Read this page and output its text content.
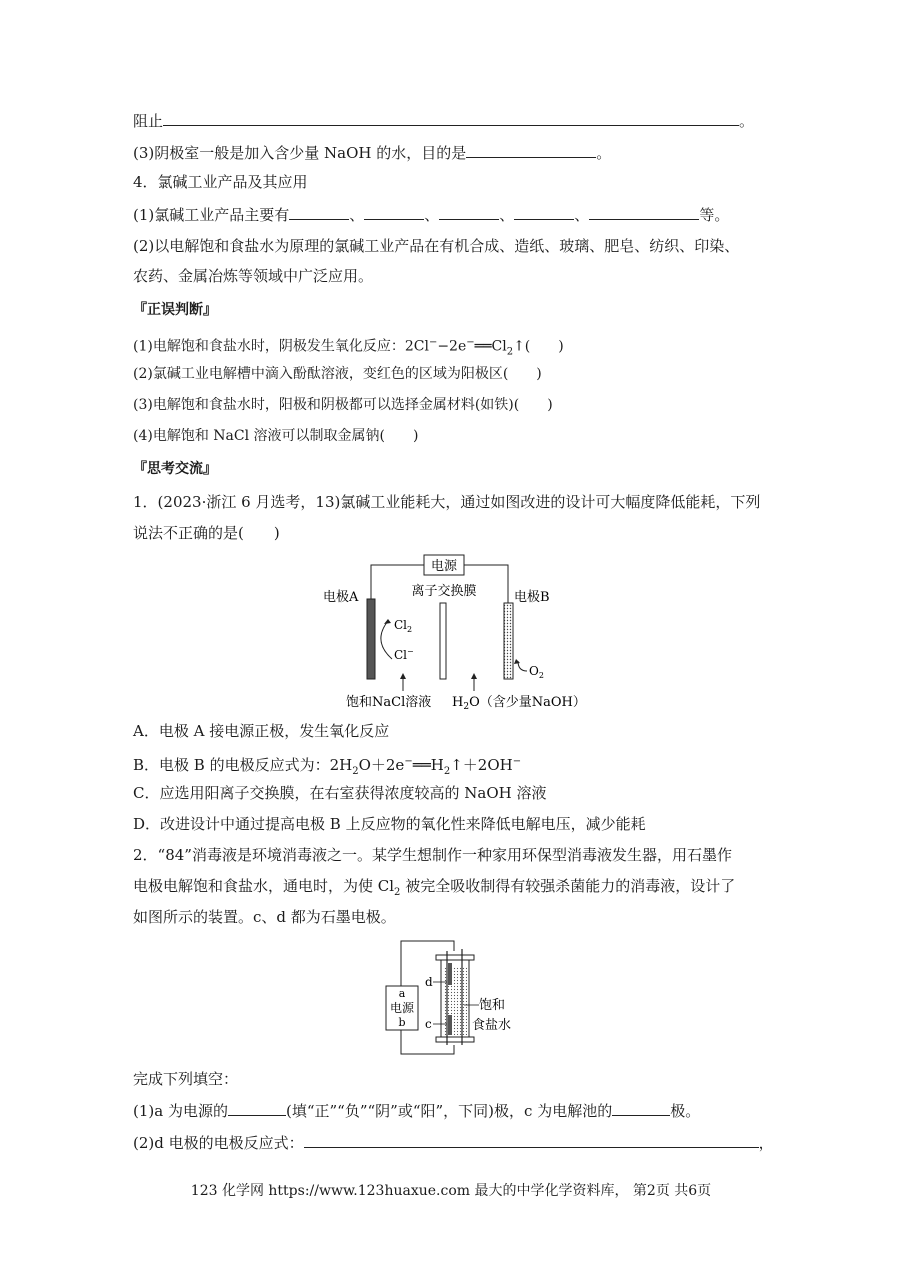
阻止	。
(3)阴极室一般是加入含少量 NaOH 的水，目的是	。
4．氯碱工业产品及其应用
(1)氯碱工业产品主要有	、	、	、	、	等。
(2)以电解饱和食盐水为原理的氯碱工业产品在有机合成、造纸、玻璃、肥皂、纺织、印染、
农药、金属冶炼等领域中广泛应用。
『正误判断』
(1)电解饱和食盐水时，阴极发生氧化反应：$2Cl^--2e^-══Cl_2↑$(　　)
(2)氯碱工业电解槽中滴入酚酞溶液，变红色的区域为阳极区(　　)
(3)电解饱和食盐水时，阳极和阴极都可以选择金属材料(如铁)(　　)
(4)电解饱和 NaCl 溶液可以制取金属钠(　　)
『思考交流』
1．(2023·浙江 6 月选考，13)氯碱工业能耗大，通过如图改进的设计可大幅度降低能耗，下列
说法不正确的是(　　)
电源
离子交换膜
电极A	电极B
$Cl_2$
Cl−
$O_2$
饱和NaCl溶液 $H_2O$（含少量NaOH）
A．电极 A 接电源正极，发生氧化反应
B．电极 B 的电极反应式为：$2H_2O+2e^-══H_2↑+2OH^-$
C．应选用阳离子交换膜，在右室获得浓度较高的 NaOH 溶液
D．改进设计中通过提高电极 B 上反应物的氧化性来降低电解电压，减少能耗
2．“84”消毒液是环境消毒液之一。某学生想制作一种家用环保型消毒液发生器，用石墨作
电极电解饱和食盐水，通电时，为使 $Cl_2$ 被完全吸收制得有较强杀菌能力的消毒液，设计了
如图所示的装置。c、d 都为石墨电极。
a
电源
b
d
c
饱和
食盐水
完成下列填空：
(1)a 为电源的	(填“正”“负”“阴”或“阳”，下同)极，c 为电解池的	极。
(2)d 电极的电极反应式：	，
123 化学网 https://www.123huaxue.com 最大的中学化学资料库， 第2页 共6页
